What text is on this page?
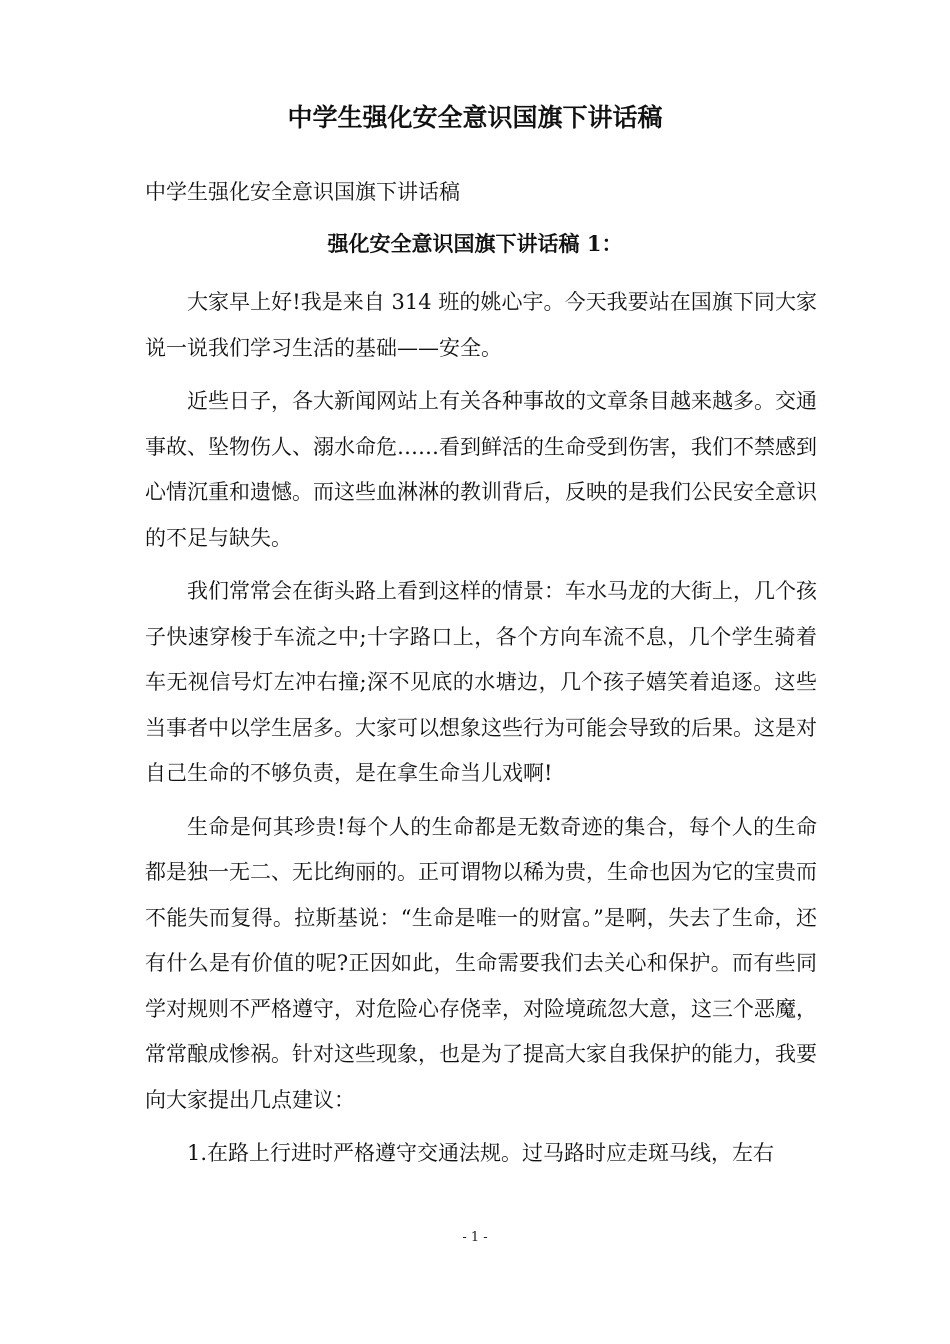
中学生强化安全意识国旗下讲话稿

中学生强化安全意识国旗下讲话稿

强化安全意识国旗下讲话稿 1：

大家早上好!我是来自 314 班的姚心宇。今天我要站在国旗下同大家说一说我们学习生活的基础——安全。

近些日子，各大新闻网站上有关各种事故的文章条目越来越多。交通事故、坠物伤人、溺水命危……看到鲜活的生命受到伤害，我们不禁感到心情沉重和遗憾。而这些血淋淋的教训背后，反映的是我们公民安全意识的不足与缺失。

我们常常会在街头路上看到这样的情景：车水马龙的大街上，几个孩子快速穿梭于车流之中;十字路口上，各个方向车流不息，几个学生骑着车无视信号灯左冲右撞;深不见底的水塘边，几个孩子嬉笑着追逐。这些当事者中以学生居多。大家可以想象这些行为可能会导致的后果。这是对自己生命的不够负责，是在拿生命当儿戏啊!

生命是何其珍贵!每个人的生命都是无数奇迹的集合，每个人的生命都是独一无二、无比绚丽的。正可谓物以稀为贵，生命也因为它的宝贵而不能失而复得。拉斯基说：“生命是唯一的财富。”是啊，失去了生命，还有什么是有价值的呢?正因如此，生命需要我们去关心和保护。而有些同学对规则不严格遵守，对危险心存侥幸，对险境疏忽大意，这三个恶魔，常常酿成惨祸。针对这些现象，也是为了提高大家自我保护的能力，我要向大家提出几点建议：

1.在路上行进时严格遵守交通法规。过马路时应走斑马线，左右

- 1 -
